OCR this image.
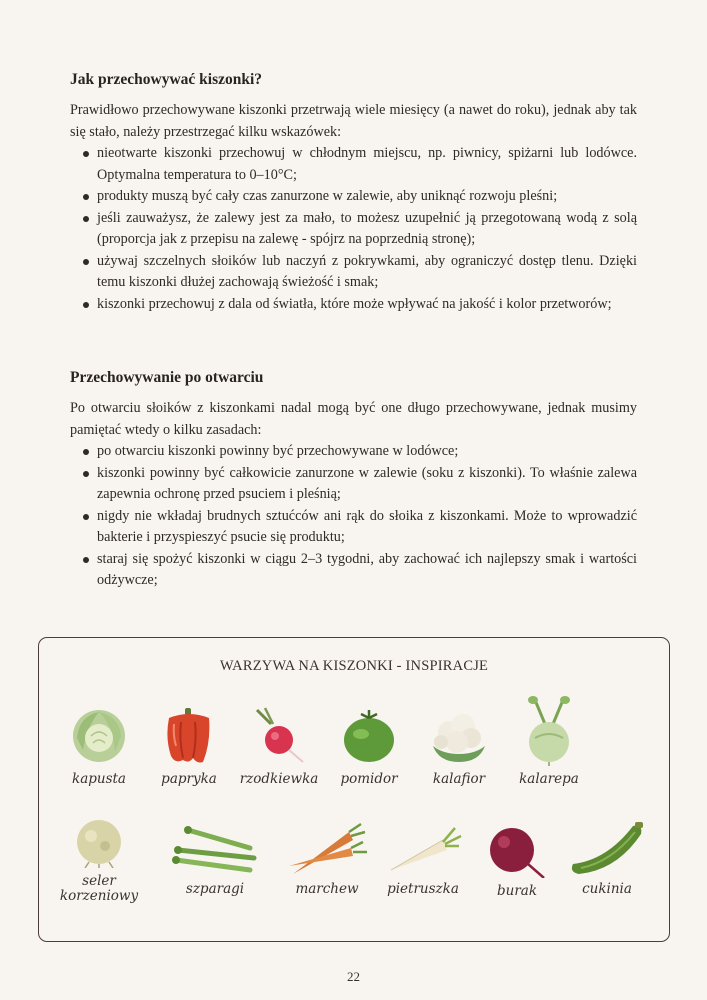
Jak przechowywać kiszonki?

Prawidłowo przechowywane kiszonki przetrwają wiele miesięcy (a nawet do roku), jednak aby tak się stało, należy przestrzegać kilku wskazówek:

nieotwarte kiszonki przechowuj w chłodnym miejscu, np. piwnicy, spiżarni lub lodówce. Optymalna temperatura to 0–10°C;
produkty muszą być cały czas zanurzone w zalewie, aby uniknąć rozwoju pleśni;
jeśli zauważysz, że zalewy jest za mało, to możesz uzupełnić ją przegotowaną wodą z solą (proporcja jak z przepisu na zalewę - spójrz na poprzednią stronę);
używaj szczelnych słoików lub naczyń z pokrywkami, aby ograniczyć dostęp tlenu. Dzięki temu kiszonki dłużej zachowają świeżość i smak;
kiszonki przechowuj z dala od światła, które może wpływać na jakość i kolor przetworów;
Przechowywanie po otwarciu

Po otwarciu słoików z kiszonkami nadal mogą być one długo przechowywane, jednak musimy pamiętać wtedy o kilku zasadach:

po otwarciu kiszonki powinny być przechowywane w lodówce;
kiszonki powinny być całkowicie zanurzone w zalewie (soku z kiszonki). To właśnie zalewa zapewnia ochronę przed psuciem i pleśnią;
nigdy nie wkładaj brudnych sztućców ani rąk do słoika z kiszonkami. Może to wprowadzić bakterie i przyspieszyć psucie się produktu;
staraj się spożyć kiszonki w ciągu 2–3 tygodni, aby zachować ich najlepszy smak i wartości odżywcze;
WARZYWA NA KISZONKI - INSPIRACJE
kapusta	papryka	rzodkiewka	pomidor	kalafior	kalarepa
seler korzeniowy	szparagi	marchew	pietruszka	burak	cukinia
22
